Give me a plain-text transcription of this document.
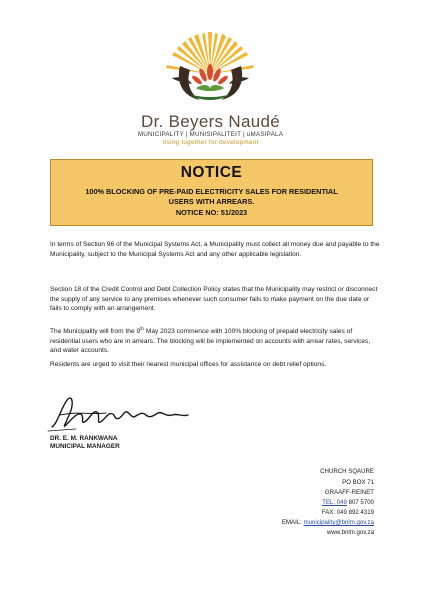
Dr. Beyers Naudé
MUNICIPALITY | MUNISIPALITEIT | uMASIPALA
rising together for development
NOTICE
100% BLOCKING OF PRE-PAID ELECTRICITY SALES FOR RESIDENTIAL
USERS WITH ARREARS.
NOTICE NO: 51/2023
In terms of Section 96 of the Municipal Systems Act, a Municipality must collect all money due and payable to the Municipality, subject to the Municipal Systems Act and any other applicable legislation.
Section 18 of the Credit Control and Debt Collection Policy states that the Municipality may restrict or disconnect the supply of any service to any premises whenever such consumer fails to make payment on the due date or fails to comply with an arrangement.
The Municipality will from the 9th May 2023 commence with 100% blocking of prepaid electricity sales of residential users who are in arrears. The blocking will be implemented on accounts with arrear rates, services, and water accounts.
Residents are urged to visit their nearest municipal offices for assistance on debt relief options.
DR. E. M. RANKWANA
MUNICIPAL MANAGER
CHURCH SQAURE
PO BOX 71
GRAAFF-REINET
TEL: 049 807 5700
FAX: 049 892 4319
EMAIL: municipality@bnlm.gov.za
www.bnlm.gov.za
